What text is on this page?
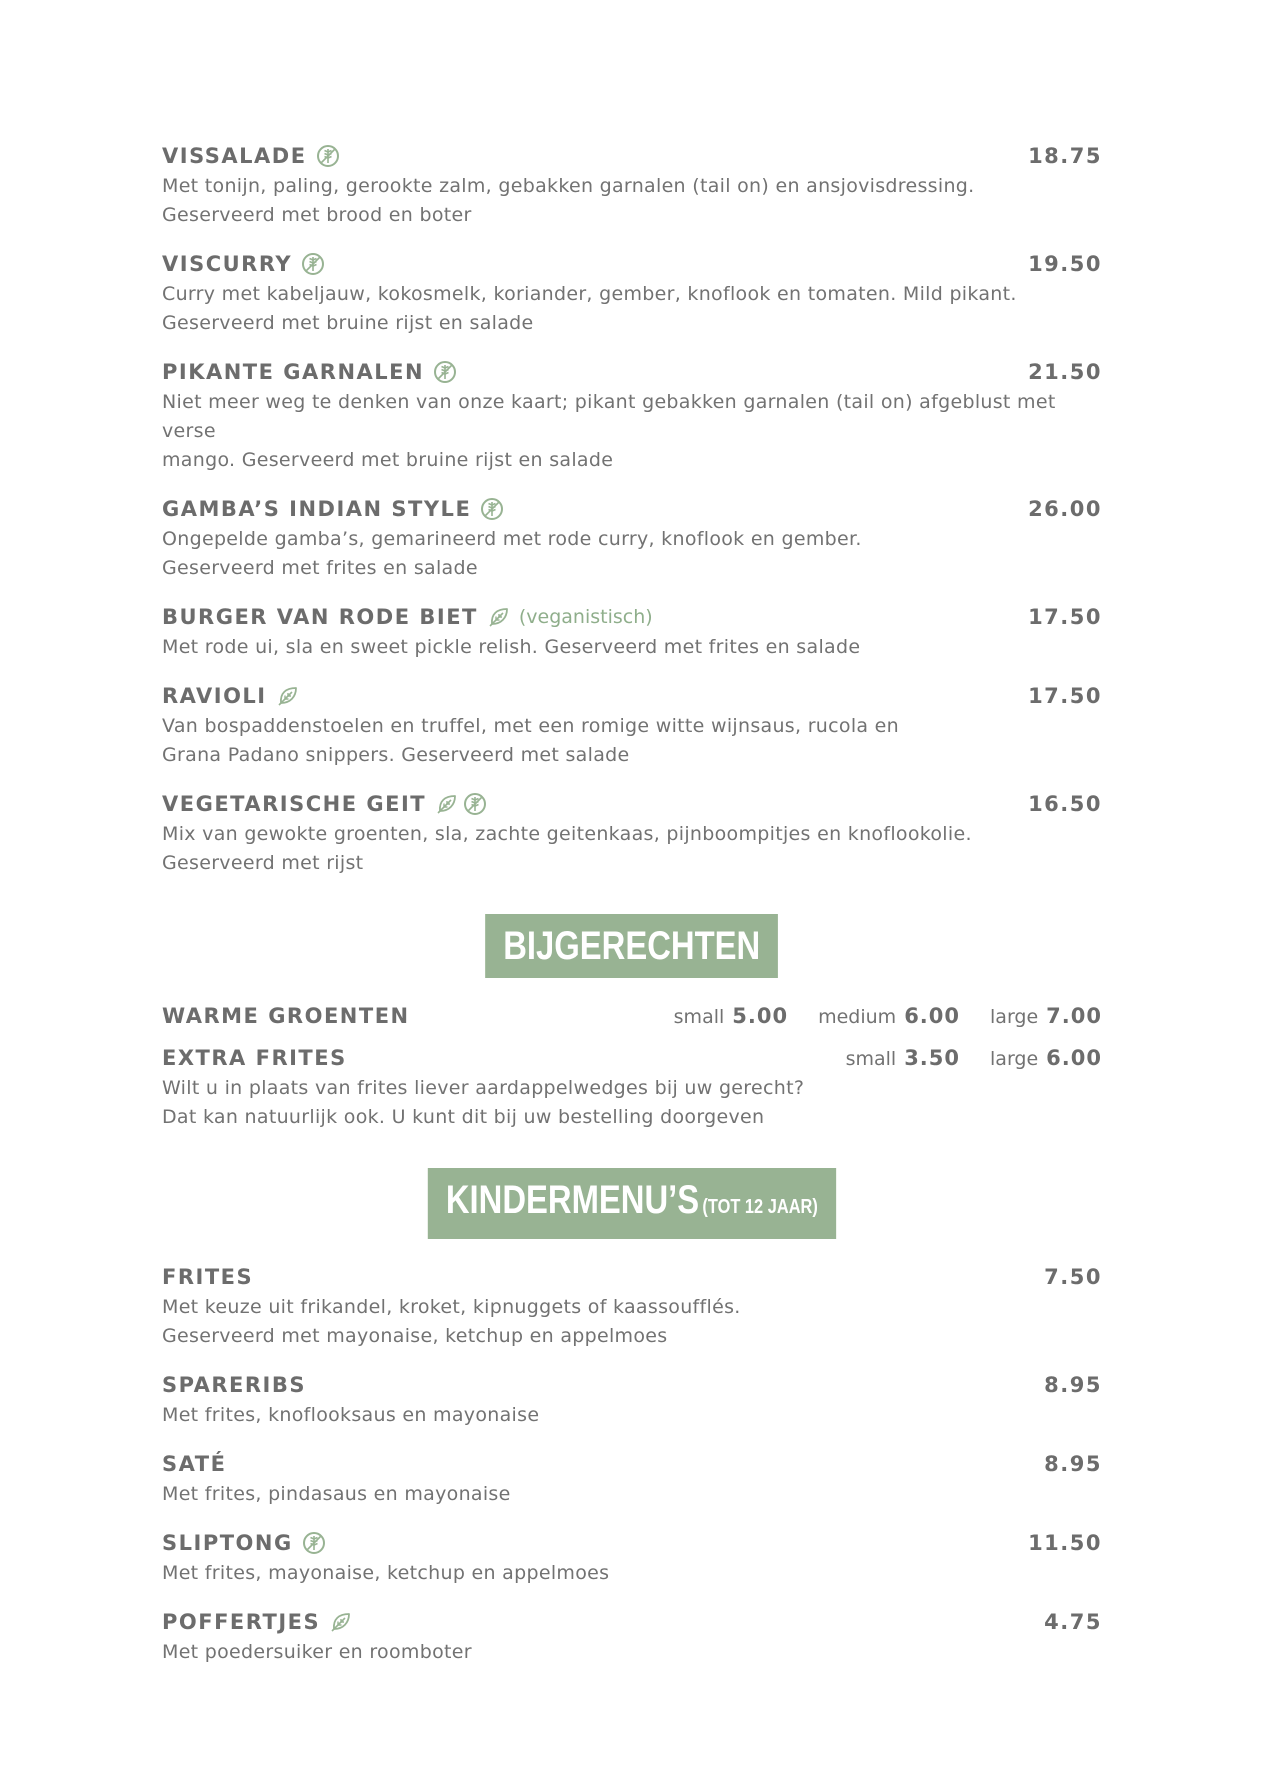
VISSALADE	18.75
Met tonijn, paling, gerookte zalm, gebakken garnalen (tail on) en ansjovisdressing.
Geserveerd met brood en boter
VISCURRY	19.50
Curry met kabeljauw, kokosmelk, koriander, gember, knoflook en tomaten. Mild pikant.
Geserveerd met bruine rijst en salade
PIKANTE GARNALEN	21.50
Niet meer weg te denken van onze kaart; pikant gebakken garnalen (tail on) afgeblust met verse
mango. Geserveerd met bruine rijst en salade
GAMBA’S INDIAN STYLE	26.00
Ongepelde gamba’s, gemarineerd met rode curry, knoflook en gember.
Geserveerd met frites en salade
BURGER VAN RODE BIET (veganistisch)	17.50
Met rode ui, sla en sweet pickle relish. Geserveerd met frites en salade
RAVIOLI	17.50
Van bospaddenstoelen en truffel, met een romige witte wijnsaus, rucola en
Grana Padano snippers. Geserveerd met salade
VEGETARISCHE GEIT	16.50
Mix van gewokte groenten, sla, zachte geitenkaas, pijnboompitjes en knoflookolie.
Geserveerd met rijst
BIJGERECHTEN
WARME GROENTEN	small 5.00 medium 6.00 large 7.00
EXTRA FRITES	small 3.50 large 6.00
Wilt u in plaats van frites liever aardappelwedges bij uw gerecht?
Dat kan natuurlijk ook. U kunt dit bij uw bestelling doorgeven
KINDERMENU’S (TOT 12 JAAR)
FRITES	7.50
Met keuze uit frikandel, kroket, kipnuggets of kaassoufflés.
Geserveerd met mayonaise, ketchup en appelmoes
SPARERIBS	8.95
Met frites, knoflooksaus en mayonaise
SATÉ	8.95
Met frites, pindasaus en mayonaise
SLIPTONG	11.50
Met frites, mayonaise, ketchup en appelmoes
POFFERTJES	4.75
Met poedersuiker en roomboter
